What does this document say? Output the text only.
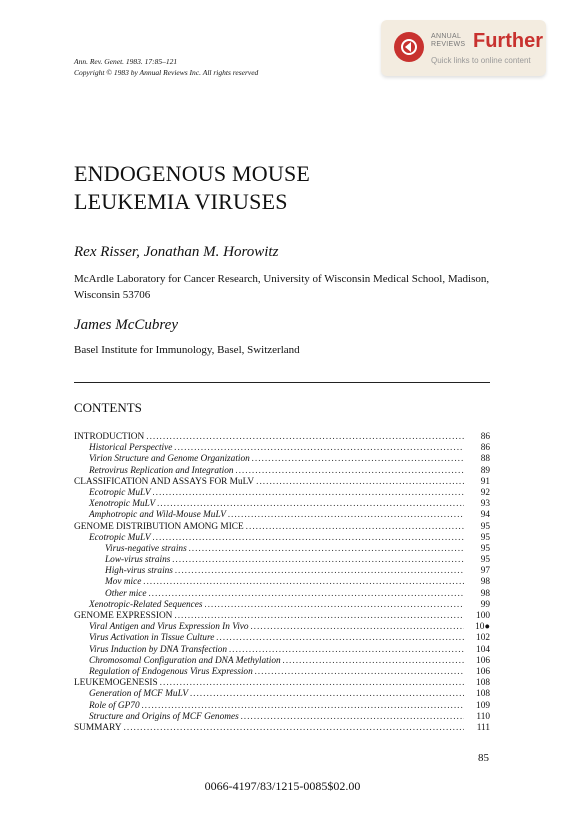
Ann. Rev. Genet. 1983. 17:85–121
Copyright © 1983 by Annual Reviews Inc. All rights reserved
ANNUAL
REVIEWS Further
Quick links to online content
ENDOGENOUS MOUSE
LEUKEMIA VIRUSES
Rex Risser, Jonathan M. Horowitz
McArdle Laboratory for Cancer Research, University of Wisconsin Medical School, Madison, Wisconsin 53706
James McCubrey
Basel Institute for Immunology, Basel, Switzerland
CONTENTS
INTRODUCTION .....	86
Historical Perspective .....	86
Virion Structure and Genome Organization .....	88
Retrovirus Replication and Integration .....	89
CLASSIFICATION AND ASSAYS FOR MuLV .....	91
Ecotropic MuLV .....	92
Xenotropic MuLV .....	93
Amphotropic and Wild-Mouse MuLV .....	94
GENOME DISTRIBUTION AMONG MICE .....	95
Ecotropic MuLV .....	95
Virus-negative strains .....	95
Low-virus strains .....	95
High-virus strains .....	97
Mov mice .....	98
Other mice .....	98
Xenotropic-Related Sequences .....	99
GENOME EXPRESSION .....	100
Viral Antigen and Virus Expression In Vivo .....	10●
Virus Activation in Tissue Culture .....	102
Virus Induction by DNA Transfection .....	104
Chromosomal Configuration and DNA Methylation .....	106
Regulation of Endogenous Virus Expression .....	106
LEUKEMOGENESIS .....	108
Generation of MCF MuLV .....	108
Role of GP70 .....	109
Structure and Origins of MCF Genomes .....	110
SUMMARY .....	111
85
0066-4197/83/1215-0085$02.00
